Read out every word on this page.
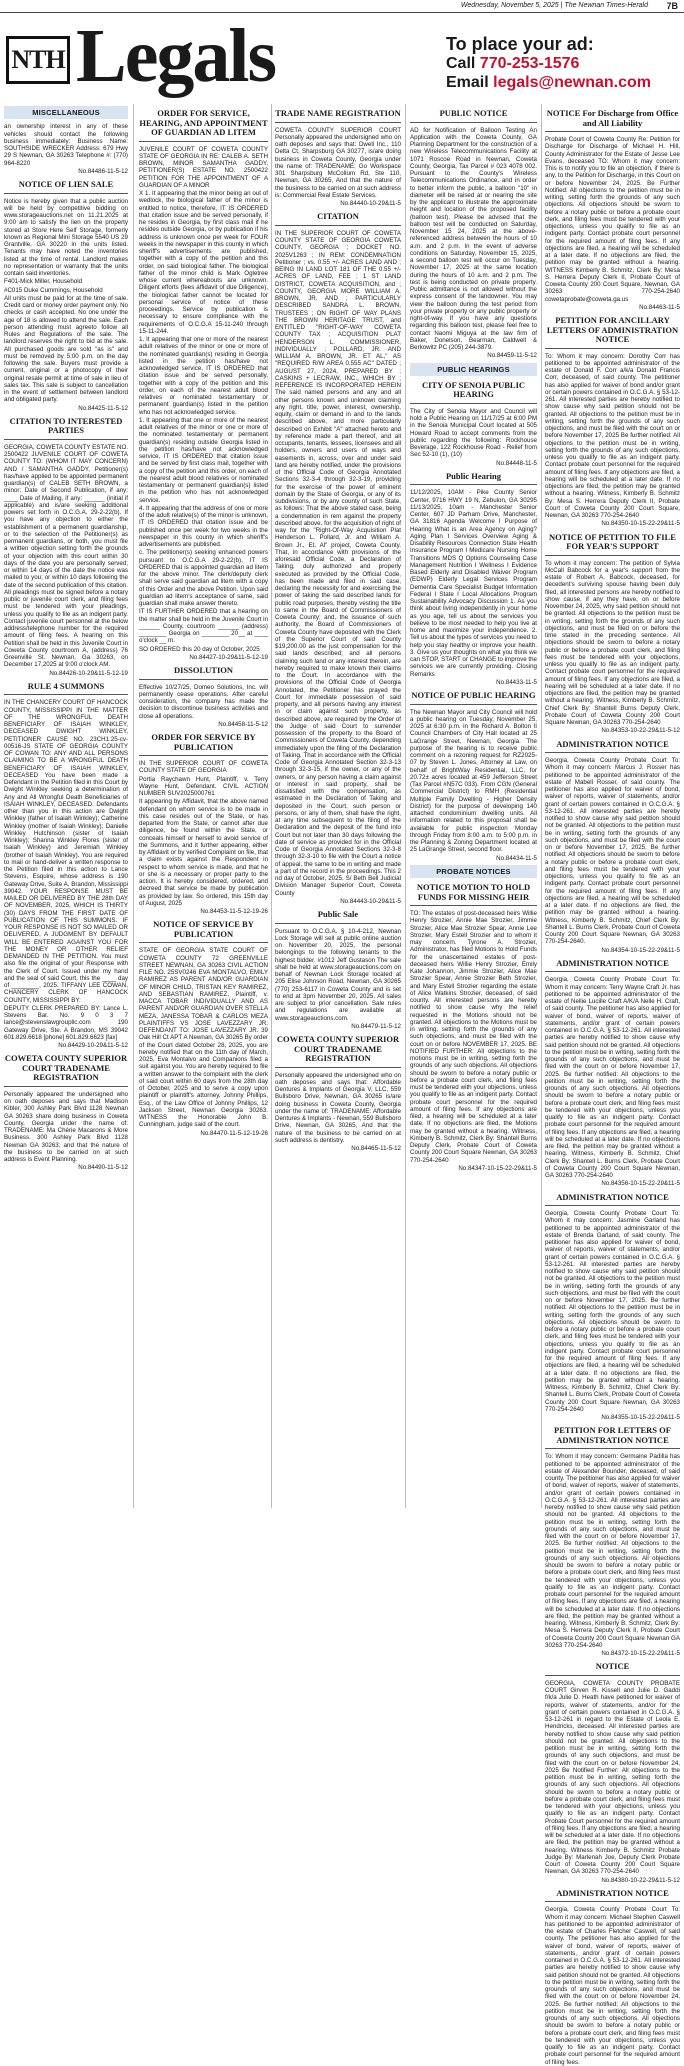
Wednesday, November 5, 2025 | The Newnan Times-Herald 7B
NTH Legals	To place your ad:
Call 770-253-1576
Email legals@newnan.com
MISCELLANEOUS

an ownership interest in any of these vehicles should contact the following business immediately: Business Name: SOUTHSIDE WRECKER Address: 679 Hwy 29 S Newnan, GA 30263 Telephone #: (770) 964-8220

No.84486-11-5-12

NOTICE OF LIEN SALE

Notice is hereby given that a public auction will be held by competitive bidding on www.storageauctions.net on 11.21.2025 at 9:00 am to satisfy the lien on the property stored at Store Here Self Storage, formerly known as Regional Mini Storage 5540 US 29 Grantville, GA 30220 in the units listed. Tenants may have noted the inventories listed at the time of rental. Landlord makes no representation or warranty that the units contain said inventories.

F401-Mick Miller, Household

#C015 Duke Cummings, Household

All units must be paid for at the time of sale. Credit card or money order payment only. No checks or cash accepted. No one under the age of 18 is allowed to attend the sale. Each person attending must agreeto follow all Rules and Regulations of the sale. The landlord reserves the right to bid at the sale. All purchased goods are sold "as is" and must be removed by 5:00 p.m. on the day following the sale. Buyers must provide a current, original or a photocopy of their original resale permit at time of sale in lieu of sales tax. This sale is subject to cancellation in the event of settlement between landlord and obligated party.

No.84425-11-5-12

CITATION TO INTERESTED PARTIES

GEORGIA, COWETA COUNTY ESTATE NO. 2500422 JUVENILE COURT OF COWETA COUNTY TO: (WHOM IT MAY CONCERN) AND / SAMANTHA GADDY, Petitioner(s) has/have applied to be appointed permanent guardian(s) of CALEB SETH BROWN, a minor; Date of Second Publication, if any: ____ Date of Mailing, if any: ______ (initial if applicable) and is/are seeking additional powers set forth in O.C.G.A. 29-2-22(b). If you have any objection to either the establishment of a permanent guardianship, or to the selection of the Petitioner(s) as permanent guardians, or both, you must file a written objection setting forth the grounds of your objection with this court within 30 days of the date you are personally served; or within 14 days of the date the notice was mailed to you; or within 10 days following the date of the second publication of this citation. All pleadings must be signed before a notary public or juvenile court clerk, and filing fees must be tendered with your pleadings, unless you qualify to file as an indigent party. Contact juvenile court personnel at the below address/telephone number for the required amount of filing fees. A hearing on this Petition shall be held in this Juvenile Court in Coweta County courtroom A, (address) 76 Greenville St. Newnan, Ga 30263, on December 17,2025 at 9:00 o'clock AM.

No.84426-10-29&11-5-12-19

RULE 4 SUMMONS

IN THE CHANCERY COURT OF HANCOCK COUNTY, MISSISSIPPI IN THE MATTER OF THE WRONGFUL DEATH BENEFICIARY OF ISAIAH WINKLEY, DECEASED DWIGHT WINKLEY, PETITIONER CAUSE NO. 23CH1:25-cv-00516-JS STATE OF GEORGIA COUNTY OF COWAN TO: ANY AND ALL PERSONS CLAIMING TO BE A WRONGFUL DEATH BENEFICIARY OF ISAIAH WINKLEY, DECEASED You have been made a Defendant in the Petition filed in this Court by Dwight Winkley seeking a determination of Any and All Wrongful Death Beneficiaries of ISAIAH WINKLEY, DECEASED. Defendants other than you in this action are Dwight Winkley (father of Isaiah Winkley); Catherine Winkley (mother of Isaiah Winkley); Danielle Winkley Hutchinson (sister of Isaiah Winkley); Shanna Winkley Flores (sister of Isaiah Winkley) and Jeremiah Winkley (brother of Isaiah Winkley). You are required to mail or hand-deliver a written response to the Petition filed in this action to Lance Stevens, Esquire, whose address is 190 Gateway Drive, Suite A, Brandon, Mississippi 39042. YOUR RESPONSE MUST BE MAILED OR DELIVERED BY THE 28th DAY OF NOVEMBER, 2025, WHICH IS THIRTY (30) DAYS FROM THE FIRST DATE OF PUBLICATION OF THIS SUMMONS. IF YOUR RESPONSE IS NOT SO MAILED OR DELIVERED, A JUDGMENT BY DEFAULT WILL BE ENTERED AGAINST YOU FOR THE MONEY OR OTHER RELIEF DEMANDED IN THE PETITION. You must also file the original of your Response with the Clerk of Court. Issued under my hand and the seal of said Court, this the ____ day of ________, 2025. TIFFANY LEE COWAN, CHANCERY CLERK OF HANCOCK COUNTY, MISSISSIPPI BY:

DEPUTY CLERK PREPARED BY: Lance L. Stevens Bar. No. 9 0 3 7 lance@stevenslawgroupllc.com 190 Gateway Drive, Ste. A Brandon, MS 39042 601.829.6618 [phone] 601.829.6623 [fax]

No.84429-10-29&11-5-12

COWETA COUNTY SUPERIOR COURT TRADENAME REGISTRATION

Personally appeared the undersigned who on oath deposes and says that Madison Kibler, 300 Ashley Park Blvd 1128 Newnan GA 30263 share doing business in Coweta County, Georgia under the name of: TRADENAME: Ma Chérie Macarons & More Business. 300 Ashley Park Blvd 1128 Newnan GA 30263; and that the nature of the business to be carried on at such address is Event Planning.

No.84490-11-5-12

ORDER FOR SERVICE, HEARING, AND APPOINTMENT OF GUARDIAN AD LITEM

JUVENILE COURT OF COWETA COUNTY STATE OF GEORGIA IN RE: CALEB A. SETH BROWN, MINOR SAMANTHA GADDY, PETITIONER(S) ESTATE NO. 2500422 PETITION FOR THE APPOINTMENT OF A GUARDIAN OF A MINOR

X 1. It appearing that the minor being an out of wedlock, the biological father of the minor is entitled to notice, therefore, IT IS ORDERED that citation issue and be served personally, if he resides in Georgia, by first class mail if he resides outside Georgia, or by publication if his address is unknown once per week for FOUR weeks in the newspaper in this county in which sheriff's advertisements are published, together with a copy of the petition and this order, on said biological father. The biological father of the minor child is Mark Ogletree whose current whereabouts are unknown. Diligent efforts (fees affidavit of due Diligence), the biological father cannot be located for personal service of notice of these proceedings. Service by publication is necessary to ensure compliance with the requirements of O.C.G.A 15-11-240 through 15-11-244.

1. It appearing that one or more of the nearest adult relatives of the minor or one or more of the nominated guardian(s) residing in Georgia listed in the petition has/have not acknowledged service, IT IS ORDERED that citation issue and be served personally, together with a copy of the petition and this order, on each of the nearest adult blood relatives or nominated testamentary or permanent guardian(s) listed in the petition who has not acknowledged service.

1. It appearing that one or more of the nearest adult relatives of the minor or one or more of the nominated testamentary or permanent guardian(s) residing outside Georgia listed in the petition has/have not acknowledged service, IT IS ORDERED that citation issue and be served by first class mail, together with a copy of the petition and this order, on each of the nearest adult blood relatives or nominated testamentary or permanent guardian(s) listed in the petition who has not acknowledged service.

4. It appearing that the address of one or more of the adult relative(s) of the minor is unknown, IT IS ORDERED that citation issue and be published once per week for two weeks in the newspaper in this county in which sheriff's advertisements are published.

c. The petitioner(s) seeking enhanced powers pursuant to O.C.G.A 29-2-22(b), IT IS ORDERED that is appointed guardian ad litem for the above minor. The clerk/deputy clerk shall serve said guardian ad litem with a copy of this Order and the above Petition. Upon said guardian ad litem's acceptance of same, said guardian shall make answer thereto.

IT IS FURTHER ORDERED that a hearing on the matter shall be held in the Juvenile Court in ______ County, courtroom ______ (address) ________ Georgia on ________ 20__ at ____ o'clock __ m.

SO ORDERED this 20 day of October, 2025

No.84427-10-29&11-5-12-19

DISSOLUTION

Effective 10/27/25, Domeo Solutions, Inc. will permanently cease operations. After careful consideration, the company has made the decision to discontinue business activities and close all operations.

No.84458-11-5-12

ORDER FOR SERVICE BY PUBLICATION

IN THE SUPERIOR COURT OF COWETA COUNTY STATE OF GEORGIA

Portia Raychawn Hunt, Plaintiff, v. Terry Wayne Hunt, Defendant. CIVIL ACTION NUMBER SUV2025000761

It appearing by Affidavit, that the above named defendant on whom service is to be made in this case resides out of the State, or has departed from the State, or cannot after due diligence, be found within the State, or conceals himself or herself to avoid service of the Summons, and it further appearing, either by Affidavit or by verified Complaint on file, that a claim exists against the Respondent in respect to whom service is made, and that he or she is a necessary or proper party to the action. It is hereby considered, ordered, and decreed that service be made by publication as provided by law. So ordered, this 15th day of August, 2025

No.84453-11-5-12-19-26

NOTICE OF SERVICE BY PUBLICATION

STATE OF GEORGIA STATE COURT OF COWETA COUNTY 72 GREENVILLE STREET NEWNAN, GA 30263 CIVIL ACTION FILE NO. 25SV0246 EVA MONTALVO, EMILY RAMIREZ AS PARENT AND/OR GUARDIAN OF MINOR CHILD, TRISTAN KEY RAMIREZ, AND SEBASTIAN RAMIREZ, Plaintiff, v. MACCA TOBAR INDIVIDUALLY AND AS PARENT AND/OR GUARDIAN OVER STELLA MEZA, JANESSA TOBAR & CARLOS MEZA PLAINTIFFS VS JOSE LAVEZZARY JR. DEFENDANT TO: JOSE LAVEZZARY JR. 39 Oak Hill Ct APT A Newnan, GA 30265 By order of the Court dated October 28, 2025, you are hereby notified that on the 11th day of March, 2025, Eva Montalvo and Companions filed a suit against you. You are hereby required to file a written answer to the complaint with the clerk of said court within 60 days from the 28th day of October, 2025 and to serve a copy upon plaintiff or plaintiff's attorney, Johnny Phillips, Esq., of the Law Office of Johnny Phillips, 12 Jackson Street, Newnan Georgia 30263. WITNESS the Honorable John B. Cunningham, judge said of the court.

No.84470-11-5-12-19-26

TRADE NAME REGISTRATION

COWETA COUNTY SUPERIOR COURT Personally appeared the undersigned who on oath deposes and says that: Dwell Inc., 110 Delta Ct, Sharpsburg GA 30277, is/are doing business in Coweta County, Georgia under the name of: TRADENAME: Go Workspace 301 Sharpsburg McCollum Rd, Ste 110, Newnan, GA 30265, And that the nature of the business to be carried on at such address is: Commercial Real Estate Services.

No.84440-10-29&11-5

CITATION

IN THE SUPERIOR COURT OF COWETA COUNTY STATE OF GEORGIA COWETA COUNTY, GEORGIA ; DOCKET NO. 2025V1263 ; IN REM: CONDEMNATION Petitioner ; vs. 0.55 +/- ACRES LAND AND ; BEING IN LAND LOT 181 OF THE 0.55 +/- ACRES OF LAND, FEE ; 1 ST LAND DISTRICT, COWETA ACQUISITION, and ; COUNTY, GEORGIA MORE WILLIAM A. BROWN, JR. AND ; PARTICULARLY DESCRIBED SANDRA L. BROWN, TRUSTEES ; ON RIGHT OF WAY PLANS THE BROWN HERITAGE TRUST, and ENTITLED "RIGHT-OF-WAY COWETA COUNTY TAX ; ACQUISITION PLAT HENDERSON L. COMMISSIONER, INDIVIDUALLY ; POLLARD, JR. AND WILLIAM A. BROWN, JR. ET AL," AS "REQUIRED R/W AREA 0.555 AC" DATED ; AUGUST 27, 2024, PREPARED BY ; CASKINS + LECRAW, INC., WHICH BY ; REFERENCE IS INCORPORATED HEREIN The said named persons and any and all other persons known and unknown claiming any right, title, power, interest, ownership, equity, claim or demand in and to the lands described above, and more particularly described on Exhibit "A" attached hereto and by reference made a part thereof, and all occupants, tenants, lessees, licensees and all holders, owners and users of ways and easements in, across, over and under said land are hereby notified, under the provisions of the Official Code of Georgia Annotated Sections 32-3-4 through 32-3-19, providing for the exercise of the power of eminent domain by the State of Georgia, or any of its subdivisions, or by any county of such State, as follows: That the above stated case, being a condemnation in rem against the property described above, for the acquisition of right of way for the "Right-Of-Way Acquisition Plat Henderson L. Pollard, Jr. and William A. Brown Jr., Et. Al" project, Coweta County. That, in accordance with provisions of the aforesaid Official Code, a Declaration of Taking, duly authorized and properly executed as provided by the Official Code, has been made and filed in said case, declaring the necessity for and exercising the power of taking the said described lands for public road purposes, thereby vesting the title to same in the Board of Commissioners of Coweta County; and, the issuance of such authority, the Board of Commissioners of Coweta County have deposited with the Clerk of the Superior Court of said County $19,200.00 as the just compensation for the said lands described; and all persons claiming such land or any interest therein, are hereby required to make known their claims to the Court. In accordance with the provisions of the Official Code of Georgia Annotated, the Petitioner has prayed the Court for immediate possession of said property, and all persons having any interest in or claim against such property, as described above, are required by the Order of the Judge of said Court to surrender possession of the property to the Board of Commissioners of Coweta County, depending immediately upon the filing of the Declaration of Taking. That in accordance with the Official Code of Georgia Annotated Section 32-3-13 through 32-3-15, if the owner, or any of the owners, or any person having a claim against or interest in said property, shall be dissatisfied with the compensation, as estimated in the Declaration of Taking and deposited in the Court, such person or persons, or any of them, shall have the right, at any time subsequent to the filing of the Declaration and the deposit of the fund into Court but not later than 30 days following the date of service as provided for in the Official Code of Georgia Annotated Sections 32-3-8 through 32-3-10 to file with the Court a notice of appeal, the same to be in writing and made a part of the record in the proceedings. This 2 nd day of October, 2025. S/ Beth Bell Judicial Division Manager Superior Court, Coweta County

No.84443-10-29&11-5

Public Sale

Pursuant to O.C.G.A. § 10-4-212, Newnan Lock Storage will sell at public online auction on November 20, 2025, the personal belongings to the following tenants to the highest bidder. #1012 Jeff Gustason The sale shall be held at www.storageauctions.com on behalf of Newnan Lock Storage located at 205 Elise Johnson Road, Newnan, GA 30265 (770) 253-6117 in Coweta County and is set to end at 3pm November 20, 2025. All sales are subject to prior cancellation. Sale rules and regulations are available at www.storageauctions.com.

No.84479-11-5-12

COWETA COUNTY SUPERIOR COURT TRADENAME REGISTRATION

Personally appeared the undersigned who on oath deposes and says that: Affordable Dentures & Implants of Georgia V, LLC, 559 Bullsboro Drive, Newnan, GA 30265 is/are doing business in Coweta County, Georgia under the name of: TRADENAME: Affordable Dentures & Implants - Newnan, 559 Bullsboro Drive, Newnan, GA 30265, And that the nature of the business to be carried on at such address is dentistry.

No.84465-11-5-12

PUBLIC NOTICE

AD for Notification of Balloon Testing An Application with the Coweta County, GA Planning Department for the construction of a new Wireless Telecommunications Facility at 1071 Roscoe Road in Newnan, Coweta County, Georgia, Tax Parcel # 023 4078 002. Pursuant to the County's Wireless Telecommunications Ordinance, and in order to better inform the public, a balloon "10" in diameter will be raised at or nearing the site by the applicant to illustrate the approximate height and location of the proposed facility (balloon test). Please be advised that the balloon test will be conducted on Saturday, November 15 24, 2025 at the above-referenced address between the hours of 10 a.m. and 2 p.m. In the event of adverse conditions on Saturday, November 15, 2025, a second balloon test will occur on Tuesday, November 17, 2025 at the same location during the hours of 10 a.m. and 2 p.m. The test is being conducted on private property. Public admittance is not allowed without the express consent of the landowner. You may view the balloon during the test period from your private property or any public property or right-of-way. If you have any questions regarding this balloon test, please feel free to contact Naomi Miguya at the law firm of Baker, Donelson, Bearman, Caldwell & Berkowitz PC (205) 244-3879.

No.84459-11-5-12

PUBLIC HEARINGS
CITY OF SENOIA PUBLIC HEARING

The City of Senoia Mayor and Council will hold a Public Hearing on 11/17/25 at 6:00 PM in the Senoia Municipal Court located at 505 Howard Road to accept comments from the public regarding the following: Rockhouse Beverage, 122 Rockhouse Road - Relief from Sec 52-10 (1), (10)

No.84448-11-5

Public Hearing

11/12/2025, 10AM - Pike County Senior Center, 9716 HWY 19 N, Zebulon, GA 30295 11/13/2025, 10am - Manchester Senior Center, 607 JD Parham Drive, Manchester, GA 31816 Agenda Welcome I Purpose of Hearing What is an Area Agency on Aging? Aging Plan I Services Overview Aging & Disability Resources Connection State Health Insurance Program I Medicare Nursing Home Transitions MDS Q Options Counseling Case Management Nutrition I Wellness I Evidence Based Elderly and Disabled Waiver Program (EDWP) Elderly Legal Services Program Dementia Care Specialist Budget Information Federal I State I Local Allocations Program Sustainability Advocacy Discussion 1. As you think about living independently in your home as you age, tell us about the services you believe to be most needed to help you live at home and maximize your independence. 2. Tell us about the types of services you need to help you stay healthy or improve your health. 3. Give us your thoughts on what you think we can STOP, START or CHANGE to improve the services we are currently providing. Closing Remarks

No.84433-11-5

NOTICE OF PUBLIC HEARING

The Newnan Mayor and City Council will hold a public hearing on Tuesday, November 25, 2025 at 6:30 p.m. in the Richard A. Bolton II Council Chambers of City Hall located at 25 LaGrange Street, Newnan, Georgia. The purpose of the hearing is to receive public comment on a rezoning request for RZ2025-07 by Steven L. Jones, Attorney at Law, on behalf of BrightWay Residential, LLC, for 20.72± acres located at 459 Jefferson Street (Tax Parcel #N57C 033). From CGN (General Commercial District) to RMH (Residential Multiple Family Dwelling - Higher Density District) for the purpose of developing 140 attached condominium dwelling units. All information related to this proposal shall be available for public inspection Monday through Friday from 8:00 a.m. to 5:00 p.m. in the Planning & Zoning Department located at 25 LaGrange Street, second floor.

No.84434-11-5

PROBATE NOTICES
NOTICE MOTION TO HOLD FUNDS FOR MISSING HEIR

TO: The estates of post-deceased heirs Willie Henry Strozier, Annie Mae Strozier, Jimmie Strozier, Alice Mae Strozier Spear, Annie Lee Strozier, Mary Estell Strozier and to whom it may concern. Tyrone A. Strozier, Administrator, has filed Motions to Hold Funds for the unascertained estates of post-deceased heirs Willie Henry Strozier, Emily Kate Johannon, Jimmie Strozier, Alice Mae Strozier Spear, Annie Strozier Beth Strozier, and Mary Estell Strozier regarding the estate of Alice Watkins Strozier, deceased, of said county. All interested persons are hereby notified to show cause why the relief requested in the Motions should not be granted. All objections to the Motions must be in writing, setting forth the grounds of any such objections, and must be filed with the court on or before NOVEMBER 17, 2025. BE NOTIFIED FURTHER: All objections to the motions must be in writing, setting forth the grounds of any such objections. All objections should be sworn to before a notary public or before a probate court clerk, and filing fees must be tendered with your objections, unless you qualify to file as an indigent party. Contact probate court personnel for the required amount of filing fees. If any objections are filed, a hearing will be scheduled at a later date. If no objections are filed, the Motions may be granted without a hearing. Wiltness, Kimberly B. Schmitz, Clerk By: Shantell Burns Deputy Clerk, Probate Court of Coweta County 200 Court Square Newnan, GA 30263 770-254-2640

No.84347-10-15-22-29&11-5

NOTICE For Discharge from Office and All Liability

Probate Court of Coweta County Re: Petition for Discharge for Discharge of Michael H. Hill, County Administrator for the Estate of Jesse Lee Evans, deceased TO: Whom it may concern: This is to notify you to file an objection, if there is any, to the Petition for Discharge, in this Court on or before November 24, 2025. Be Further Notified: All objections to the petition must be in writing, setting forth the grounds of any such objections. All objections should be sworn to before a notary public or before a probate court clerk, and filing fees must be tendered with your objections, unless you qualify to file as an indigent party. Contact probate court personnel for the required amount of filing fees. If any objections are filed, a hearing will be scheduled at a later date. If no objections are filed, the petition may be granted without a hearing. WITNESS Kimberly B. Schmitz, Clerk By: Mesa S. Herrera Deputy Clerk II, Probate Court of Coweta County 200 Court Square, Newnan, GA 30263 770-254-2640 cowetaprobate@coweta.ga.us

No.84463-11-5

PETITION FOR ANCILLARY LETTERS OF ADMINISTRATION NOTICE

To: Whom it may concern: Dorothy Corr has petitioned to be appointed administrator of the estate of Donald F. Corr a/k/a Donald Francis Corr, deceased, of said county. The petitioner has also applied for waiver of bond and/or grant or certain powers contained in O.C.G.A. § 53-12-261. All interested parties are hereby notified to show cause why said petition should not be granted. All objections to the petition must be in writing, setting forth the grounds of any such objections, and must be filed with the court on or before November 17, 2025 Be further notified: All objections to the petition must be in writing, setting forth the grounds of any such objections, unless you qualify to file as an indigent party. Contact probate court personnel for the required amount of filing fees. If any objections are filed, a hearing will be scheduled at a later date. If no objections are filed, the petition may be granted without a hearing. Witness, Kimberly B. Schmitz By: Mesa S. Herrera Deputy Clerk II, Probate Court of Coweta County 200 Court Square, Newnan, GA 30263 770-254-2640

No.84350-10-15-22-29&11-5

NOTICE OF PETITION TO FILE FOR YEAR'S SUPPORT

To whom it may concern: The petition of Sylvia McCall Babcock for a year's support from the estate of Robert A. Babcock, deceased, for decedent's surviving spouse having been duly filed, all interested persons are hereby notified to show cause, if any they have, on or before November 24, 2025, why said petition should not be granted. All objections to the petition must be in writing, setting forth the grounds of any such objections, and must be filed on or before the time stated in the preceding sentence. All objections should be sworn to before a notary public or before a probate court clerk, and filing fees must be tendered with your objections, unless you qualify to file as an indigent party. Contact probate court personnel for the required amount of filing fees. If any objections are filed, a hearing will be scheduled at a later date. If no objections are filed, the petition may be granted without a hearing. Witness, Kimberly B. Schmitz, Chief Clerk By: Shantell Burns Deputy Clerk, Probate Court of Coweta County 200 Court Square Newnan, GA 30263 770-254-2640

No.84353-10-22-29&11-5-12

ADMINISTRATION NOTICE

Georgia, Coweta County Probate Court To: Whom it may concern: Marcus J. Rosser has petitioned to be appointed administrator of the estate of Mabell Rosser, of said county. The petitioner has also applied for waiver of bond, waiver of reports, waiver of statements, and/or grant of certain powers contained in O.C.G.A. § 53-12-261. All interested parties are hereby notified to show cause why said petition should not be granted. All objections to the petition must be in writing, setting forth the grounds of any such objections, and must be filed with the court on or before November 17, 2025. Be further notified: All objections should be sworn to before a notary public or before a probate court clerk, and filing fees must be tendered with your objections, unless you qualify to file as an indigent party. Contact probate court personnel for the required amount of filing fees. If any objections are filed, a hearing will be scheduled at a later date. If no objections are filed, the petition may be granted without a hearing. Witness, Kimberly B. Schmitz, Chief Clerk By: Shantell L. Burns Clerk, Probate Court of Coweta County 200 Court Square Newnan, GA 30263 770-254-2640.

No.84354-10-15-22-29&11-5

ADMINISTRATION NOTICE

Georgia, Coweta County Probate Court To: Whom it may concern: Terry Wayne Craft Jr. has petitioned to be appointed administrator of the estate of Nellie Lucille Craft A/K/A Nelle H. Craft, of said county. The petitioner has also applied for waiver of bond, waiver of reports, waiver of statements, and/or grant of certain powers contained in O.C.G.A. § 53-12-261. All interested parties are hereby notified to show cause why said petition should not be granted. All objections to the petition must be in writing, setting forth the grounds of any such objections, and must be filed with the court on or before November 17, 2025. Be further notified: All objections to the petition must be in writing, setting forth the grounds of any such objections. All objections should be sworn to before a notary public or before a probate court clerk, and filing fees must be tendered with your objections, unless you qualify to file as an indigent party. Contact probate court personnel for the required amount of filing fees. If any objections are filed, a hearing will be scheduled at a later date. If no objections are filed, the petition may be granted without a hearing. Witness, Kimberly B. Schmitz, Chief Clerk By: Shantell L. Burns Clerk, Probate Court of Coweta County 200 Court Square Newnan, GA 30263 770-254-2640

No.84356-10-15-22-29&11-5

ADMINISTRATION NOTICE

Georgia, Coweta County Probate Court To: Whom it may concern: Jasmine Garland has petitioned to be appointed administrator of the estate of Brenda Garland, of said county. The petitioner has also applied for waiver of bond, waiver of reports, waiver of statements, and/or grant of certain powers contained in O.C.G.A. § 53-12-261. All interested parties are hereby notified to show cause why said petition should not be granted. All objections to the petition must be in writing, setting forth the grounds of any such objections, and must be filed with the court on or before November 17, 2025. Be further notified: All objections to the petition must be in writing, setting forth the grounds of any such objections. All objections should be sworn to before a notary public or before a probate court clerk, and filing fees must be tendered with your objections, unless you qualify to file as an indigent party. Contact probate court personnel for the required amount of filing fees. If any objections are filed, a hearing will be scheduled at a later date. If no objections are filed, the petition may be granted without a hearing. Witness, Kimberly B. Schmitz, Chief Clerk By: Shantell L. Burns Clerk, Probate Court of Coweta County 200 Court Square Newnan, GA 30263 770-254-2640

No.84355-10-15-22-29&11-5

PETITION FOR LETTERS OF ADMINISTRATION NOTICE

To: Whom it may concern: Germaine Padilla has petitioned to be appointed administrator of the estate of Alexander Bounder, deceased, of said county. The petitioner has also applied for waiver of bond, waiver of reports, waiver of statements, and/or grant of certain powers contained in O.C.G.A. § 53-12-261. All interested parties are hereby notified to show cause why said petition should not be granted. All objections to the petition must be in writing, setting forth the grounds of any such objections, and must be filed with the court on or before November 17, 2025. Be further notified: All objections to the petition must be in writing, setting forth the grounds of any such objections. All objections should be sworn to before a notary public or before a probate court clerk, and filing fees must be tendered with your objections, unless you qualify to file as an indigent party. Contact probate court personnel for the required amount of filing fees. If any objections are filed, a hearing will be scheduled at a later date. If no objections are filed, the petition may be granted without a hearing. Witness, Kimberly B. Schmitz, Clerk By: Mesa S. Herrera Deputy Clerk II, Probate Court of Coweta County 200 Court Square Newnan GA 30263 770-254-2640

No.84372-10-15-22-29&11-5

NOTICE

GEORGIA, COWETA COUNTY PROBATE COURT Girven R. Kissell and Julie D. Gaddi f/k/a Julie D. Heath have petitioned for waiver of reports, waiver of statements, and/or for the grant of certain powers contained in O.C.G.A. § 53-12-261 in regard to the Estate of Leola E. Hendricks, deceased. All interested parties are hereby notified to show cause why said petition should not be granted. All objections to the petition must be in writing, setting forth the grounds of any such objections, and must be filed with the court on or before November 24, 2025 Be Notified Further: All objections to the petition must be in writing, setting forth the grounds of any such objections. All objections should be sworn to before a notary public or before a probate court clerk, and filing fees must be tendered with your objections, unless you qualify to file as an indigent party. Contact Probate Court personnel for the required amount of filing fees. If any objections are filed, a hearing will be scheduled at a later date. If no objections are filed, the petition may be granted without a hearing. Witness Kimberly B. Schmitz Probate Judge By: Marlenah Joe, Deputy Clerk Probate Court of Coweta County 200 Court Square Newnan, GA 30263 770-254-2640

No.84380-10-22-29&11-5-12

ADMINISTRATION NOTICE

Georgia, Coweta County Probate Court To: Whom it may concern: Michael Stephen Caswell has petitioned to be appointed administrator of the estate of Charles Fletcher Caswell, of said county. The petitioner has also applied for the waiver of bond, waiver of reports, waiver of statements, and/or grant of certain powers contained in O.C.G.A. § 53-12-261. All interested parties are hereby notified to show cause why said petition should not be granted. All objections to the petition must be in writing, setting forth the grounds of any such objections, and must be filed with the court on or before November 24, 2025. Be further notified: All objections to the petition must be in writing, setting forth the grounds of any such objections. All objections should be sworn to before a notary public or before a probate court clerk, and filing fees must be tendered with your objections, unless you qualify to file as an indigent party. Contact probate court personnel for the required amount of filing fees.
